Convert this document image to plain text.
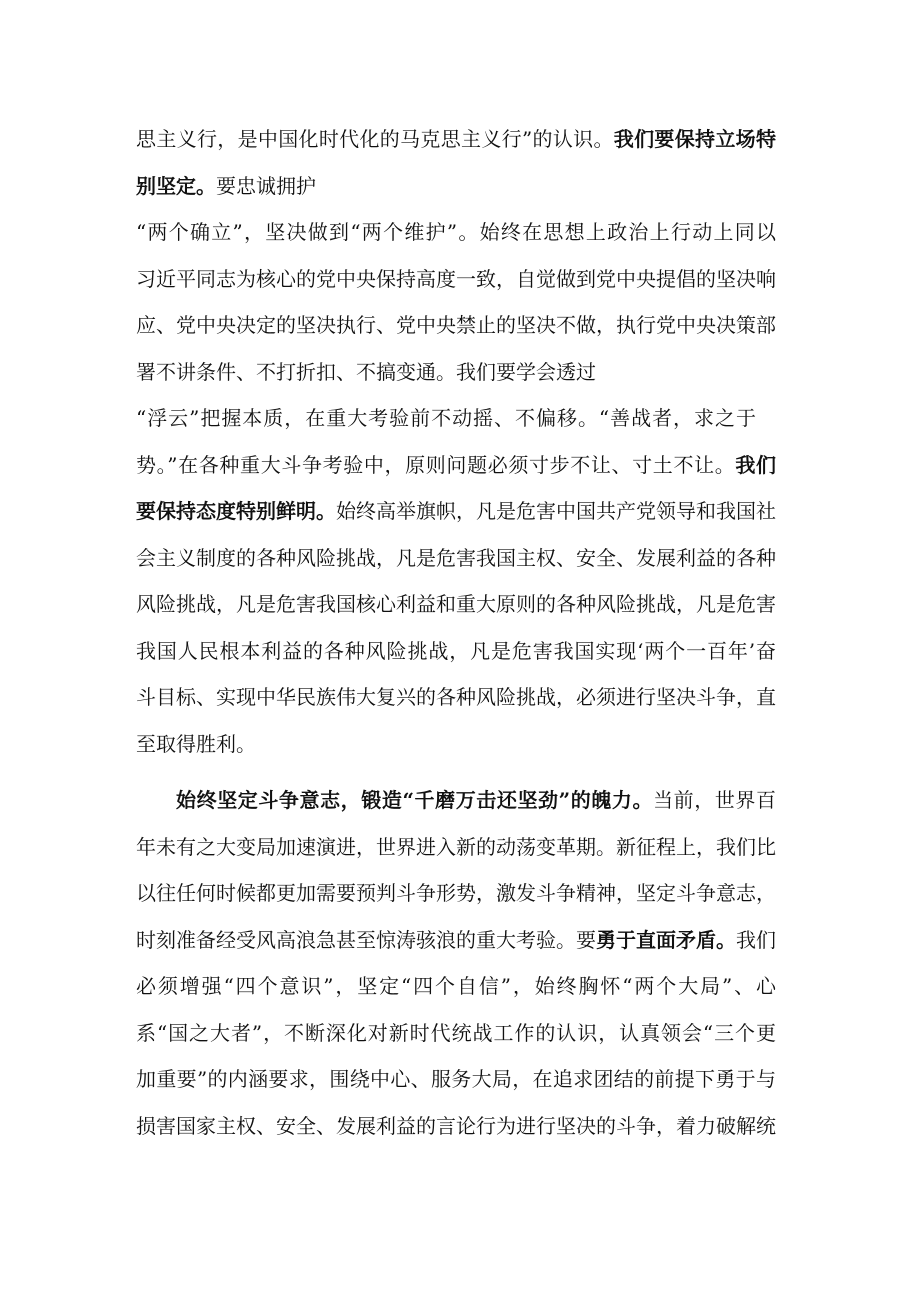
思主义行，是中国化时代化的马克思主义行”的认识。我们要保持立场特
别坚定。要忠诚拥护
“两个确立”，坚决做到“两个维护”。始终在思想上政治上行动上同以
习近平同志为核心的党中央保持高度一致，自觉做到党中央提倡的坚决响
应、党中央决定的坚决执行、党中央禁止的坚决不做，执行党中央决策部
署不讲条件、不打折扣、不搞变通。我们要学会透过
“浮云”把握本质，在重大考验前不动摇、不偏移。“善战者，求之于
势。”在各种重大斗争考验中，原则问题必须寸步不让、寸土不让。我们
要保持态度特别鲜明。始终高举旗帜，凡是危害中国共产党领导和我国社
会主义制度的各种风险挑战，凡是危害我国主权、安全、发展利益的各种
风险挑战，凡是危害我国核心利益和重大原则的各种风险挑战，凡是危害
我国人民根本利益的各种风险挑战，凡是危害我国实现‘两个一百年’奋
斗目标、实现中华民族伟大复兴的各种风险挑战，必须进行坚决斗争，直
至取得胜利。
始终坚定斗争意志，锻造“千磨万击还坚劲”的魄力。当前，世界百
年未有之大变局加速演进，世界进入新的动荡变革期。新征程上，我们比
以往任何时候都更加需要预判斗争形势，激发斗争精神，坚定斗争意志，
时刻准备经受风高浪急甚至惊涛骇浪的重大考验。要勇于直面矛盾。我们
必须增强“四个意识”，坚定“四个自信”，始终胸怀“两个大局”、心
系“国之大者”，不断深化对新时代统战工作的认识，认真领会“三个更
加重要”的内涵要求，围绕中心、服务大局，在追求团结的前提下勇于与
损害国家主权、安全、发展利益的言论行为进行坚决的斗争，着力破解统
